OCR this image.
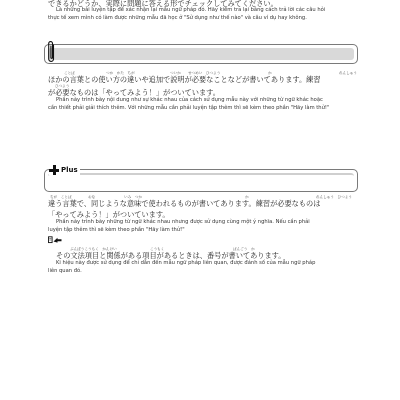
できるかどうか、実際に問題に答える形でチェックしてみてください。
Là những bài luyện tập để xác nhận lại mẫu ngữ pháp đó. Hãy kiểm tra lại bằng cách trả lời các câu hỏi
thực tế xem mình có làm được những mẫu đã học ở "Sử dụng như thế nào" và câu ví dụ hay không.
ことば	つか　かた　ちが	ついか　　せつめい　ひつよう	か	れんしゅう
ほかの言葉との使い方の違いや追加で説明が必要なことなどが書いてあります。練習
ひつよう
が必要なものは「やってみよう！」がついています。
Phần này trình bày nội dung như sự khác nhau của cách sử dụng mẫu này với những từ ngữ khác hoặc
cần thiết phải giải thích thêm. Với những mẫu cần phải luyện tập thêm thì sẽ kèm theo phần "Hãy làm thử!"
Plus
ちが　ことば	おな	いみ　つか	か	れんしゅう　ひつよう
違う言葉で、同じような意味で使われるものが書いてあります。練習が必要なものは
「やってみよう！」がついています。
Phần này trình bày những từ ngữ khác nhau nhưng được sử dụng cùng một ý nghĩa. Nếu cần phải
luyện tập thêm thì sẽ kèm theo phần "Hãy làm thử!"
ぶんぽうこうもく　かんけい	こうもく	ばんごう　か
その文法項目と関係がある項目があるときは、番号が書いてあります。
Ki hiệu này được sử dụng để chỉ dẫn đến mẫu ngữ pháp liên quan, được đánh số của mẫu ngữ pháp
liên quan đó.
